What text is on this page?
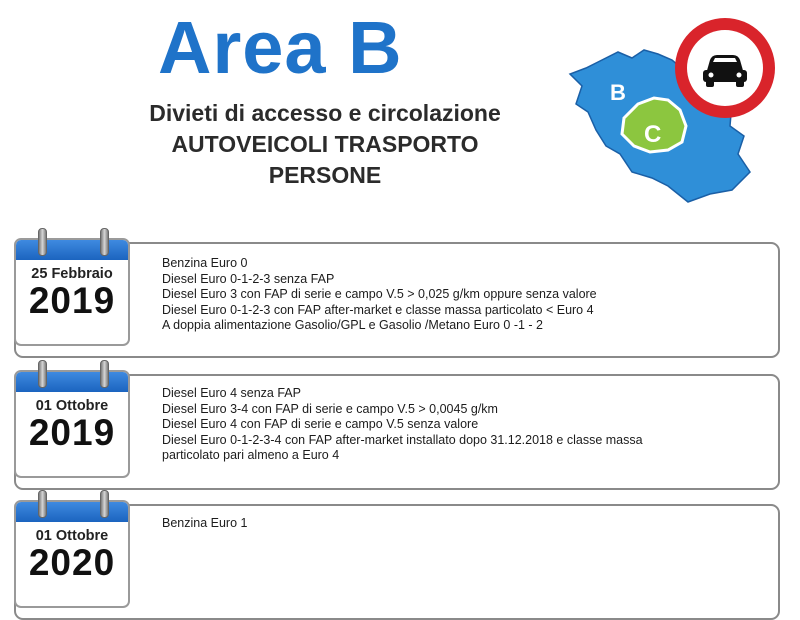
Area B
Divieti di accesso e circolazione
AUTOVEICOLI TRASPORTO
PERSONE
B
C
Benzina Euro 0
Diesel Euro 0-1-2-3 senza FAP
Diesel Euro 3 con FAP di serie e campo V.5 > 0,025 g/km oppure senza valore
Diesel Euro 0-1-2-3 con FAP after-market e classe massa particolato < Euro 4
A doppia alimentazione Gasolio/GPL e Gasolio /Metano Euro 0 -1 - 2
25 Febbraio
2019
Diesel Euro 4 senza FAP
Diesel Euro 3-4 con FAP di serie e campo V.5 > 0,0045 g/km
Diesel Euro 4 con FAP di serie e campo V.5 senza valore
Diesel Euro 0-1-2-3-4 con FAP after-market installato dopo 31.12.2018 e classe massa
particolato pari almeno a Euro 4
01 Ottobre
2019
Benzina Euro 1
01 Ottobre
2020
